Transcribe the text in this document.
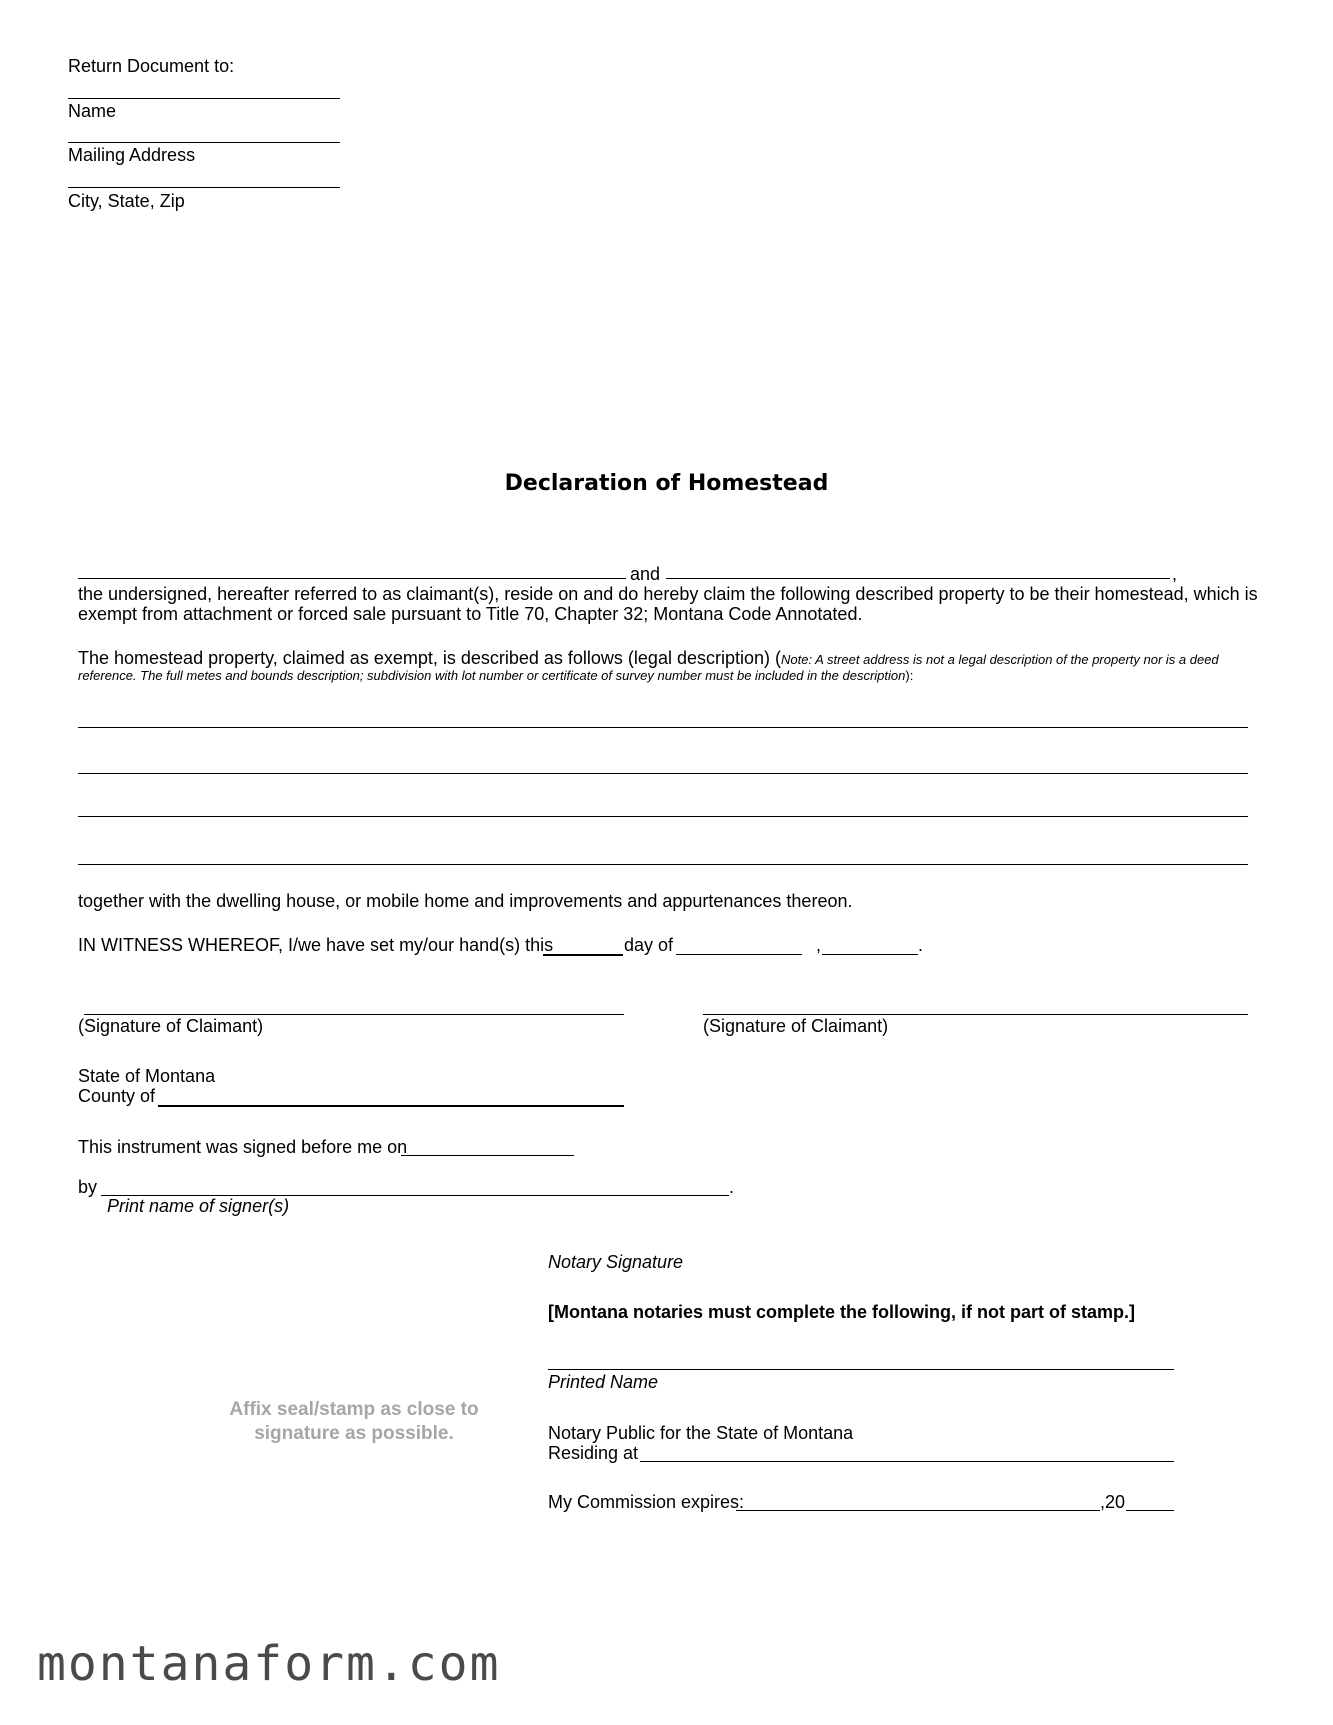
Return Document to:
Name
Mailing Address
City, State, Zip
Declaration of Homestead
and	,
the undersigned, hereafter referred to as claimant(s), reside on and do hereby claim the following described property to be their homestead, which is
exempt from attachment or forced sale pursuant to Title 70, Chapter 32; Montana Code Annotated.
The homestead property, claimed as exempt, is described as follows (legal description) (Note: A street address is not a legal description of the property nor is a deed
reference. The full metes and bounds description; subdivision with lot number or certificate of survey number must be included in the description):
together with the dwelling house, or mobile home and improvements and appurtenances thereon.
IN WITNESS WHEREOF, I/we have set my/our hand(s) this	day of	,	.
(Signature of Claimant)	(Signature of Claimant)
State of Montana
County of
This instrument was signed before me on
by	.
Print name of signer(s)
Notary Signature
[Montana notaries must complete the following, if not part of stamp.]
Printed Name
Notary Public for the State of Montana
Residing at
My Commission expires:	,20
Affix seal/stamp as close to
signature as possible.
montanaform.com
